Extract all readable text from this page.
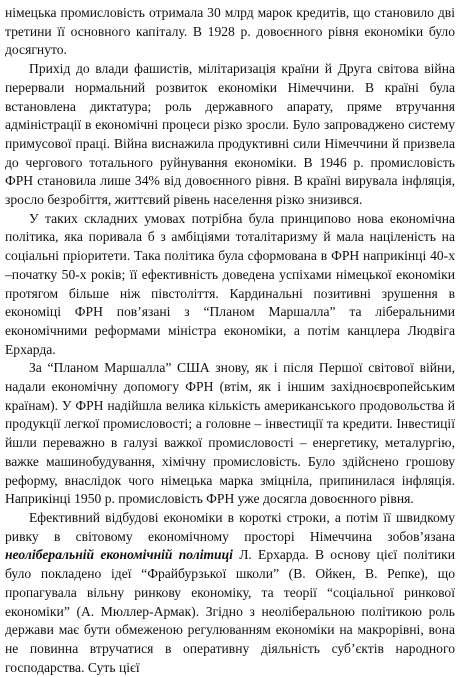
німецька промисловість отримала 30 млрд марок кредитів, що становило дві третини її основного капіталу. В 1928 р. довоєнного рівня економіки було досягнуто.

Прихід до влади фашистів, мілітаризація країни й Друга світова війна перервали нормальний розвиток економіки Німеччини. В країні була встановлена диктатура; роль державного апарату, пряме втручання адміністрації в економічні процеси різко зросли. Було запроваджено систему примусової праці. Війна виснажила продуктивні сили Німеччини й призвела до чергового тотального руйнування економіки. В 1946 р. промисловість ФРН становила лише 34% від довоєнного рівня. В країні вирувала інфляція, зросло безробіття, життєвий рівень населення різко знизився.

У таких складних умовах потрібна була принципово нова економічна політика, яка поривала б з амбіціями тоталітаризму й мала націленість на соціальні пріоритети. Така політика була сформована в ФРН наприкінці 40-х –початку 50-х років; її ефективність доведена успіхами німецької економіки протягом більше ніж півстоліття. Кардинальні позитивні зрушення в економіці ФРН пов’язані з “Планом Маршалла” та ліберальними економічними реформами міністра економіки, а потім канцлера Людвіга Ерхарда.

За “Планом Маршалла” США знову, як і після Першої світової війни, надали економічну допомогу ФРН (втім, як і іншим західноєвропейським країнам). У ФРН надійшла велика кількість американського продовольства й продукції легкої промисловості; а головне – інвестиції та кредити. Інвестиції йшли переважно в галузі важкої промисловості – енергетику, металургію, важке машинобудування, хімічну промисловість. Було здійснено грошову реформу, внаслідок чого німецька марка зміцніла, припинилася інфляція. Наприкінці 1950 р. промисловість ФРН уже досягла довоєнного рівня.

Ефективний відбудові економіки в короткі строки, а потім її швидкому ривку в світовому економічному просторі Німеччина зобов’язана неоліберальній економічній політиці Л. Ерхарда. В основу цієї політики було покладено ідеї “Фрайбурзької школи” (В. Ойкен, В. Репке), що пропагувала вільну ринкову економіку, та теорії “соціальної ринкової економіки” (А. Мюллер-Армак). Згідно з неоліберальною політикою роль держави має бути обмеженою регулюванням економіки на макрорівні, вона не повинна втручатися в оперативну діяльність суб’єктів народного господарства. Суть цієї
